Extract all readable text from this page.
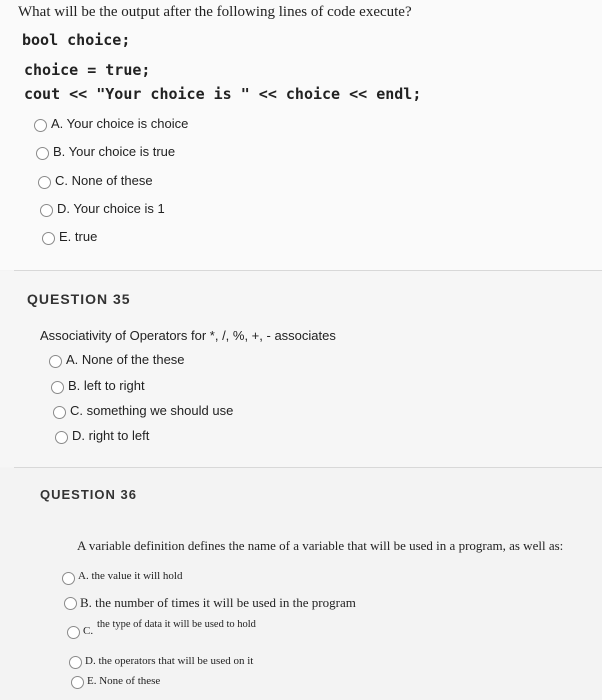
What will be the output after the following lines of code execute?
bool choice;
choice = true;
cout << "Your choice is " << choice << endl;
A. Your choice is choice
B. Your choice is true
C. None of these
D. Your choice is 1
E. true
QUESTION 35
Associativity of Operators for *, /, %, +, - associates
A. None of the these
B. left to right
C. something we should use
D. right to left
QUESTION 36
A variable definition defines the name of a variable that will be used in a program, as well as:
A. the value it will hold
B. the number of times it will be used in the program
C.
the type of data it will be used to hold
D. the operators that will be used on it
E. None of these
